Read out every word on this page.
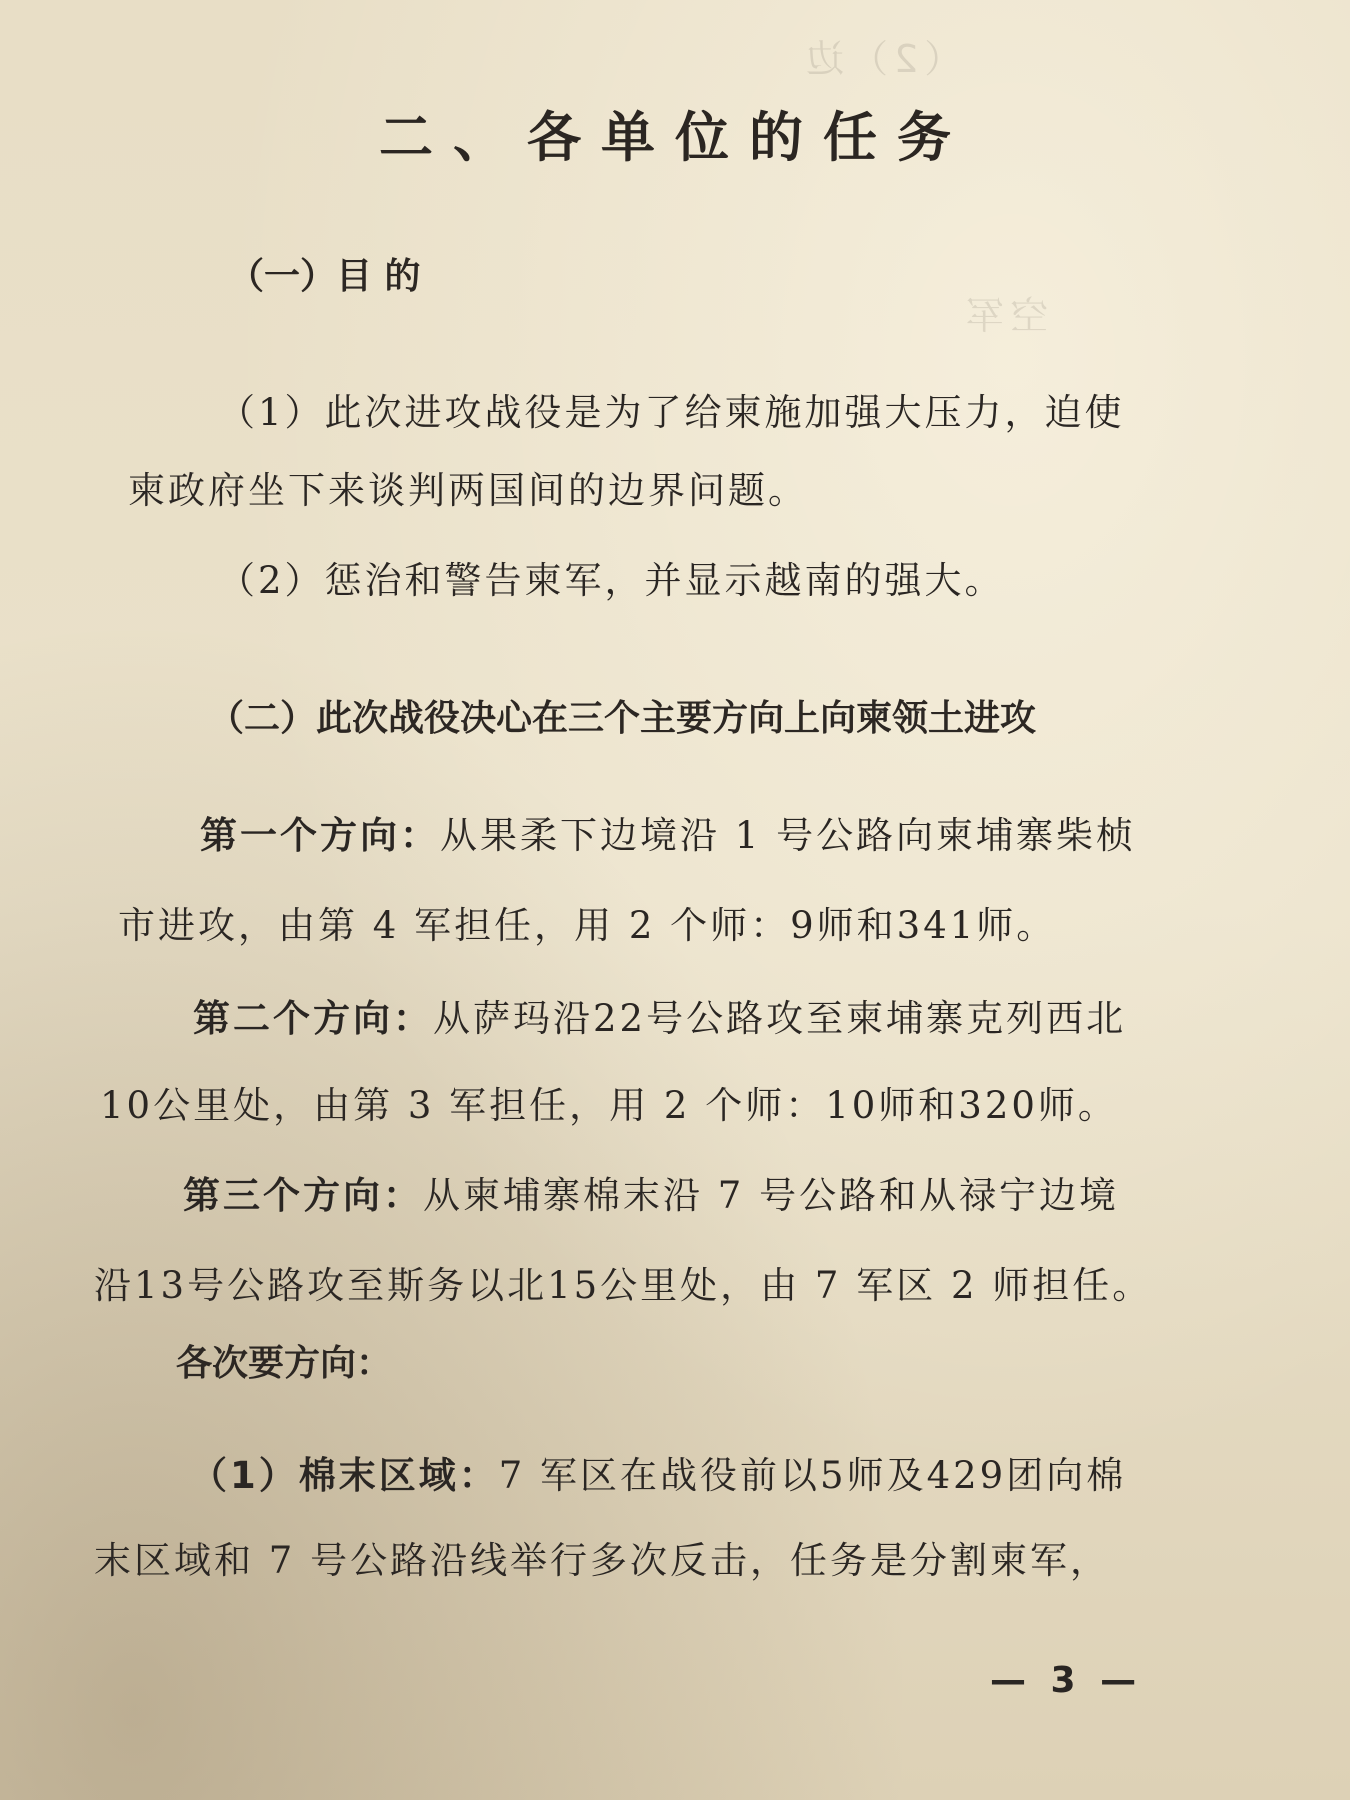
（2）边
空军
二、各单位的任务
（一）目 的
（1）此次进攻战役是为了给柬施加强大压力，迫使
柬政府坐下来谈判两国间的边界问题。
（2）惩治和警告柬军，并显示越南的强大。
（二）此次战役决心在三个主要方向上向柬领土进攻
第一个方向：从果柔下边境沿 1 号公路向柬埔寨柴桢
市进攻，由第 4 军担任，用 2 个师：9师和341师。
第二个方向：从萨玛沿22号公路攻至柬埔寨克列西北
10公里处，由第 3 军担任，用 2 个师：10师和320师。
第三个方向：从柬埔寨棉末沿 7 号公路和从禄宁边境
沿13号公路攻至斯务以北15公里处，由 7 军区 2 师担任。
各次要方向：
（1）棉末区域：7 军区在战役前以5师及429团向棉
末区域和 7 号公路沿线举行多次反击，任务是分割柬军，
— 3 —
